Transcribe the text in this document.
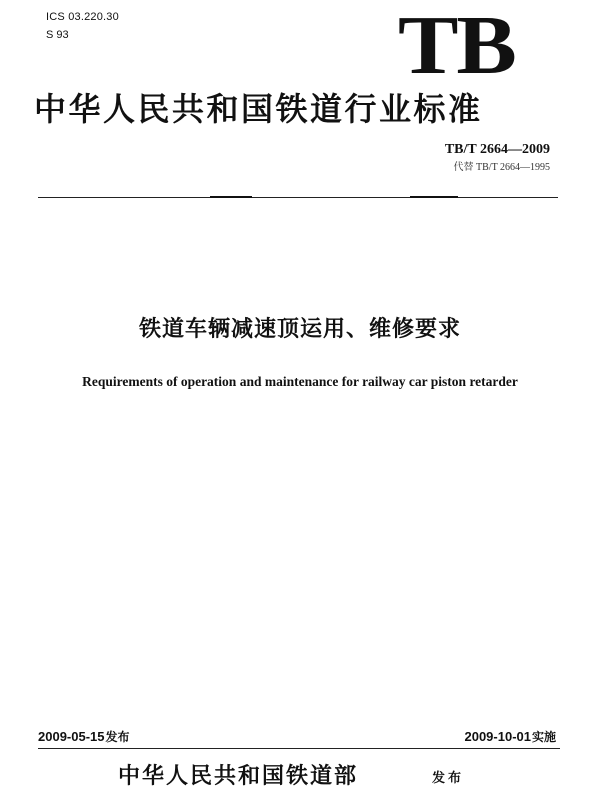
ICS 03.220.30
S 93	TB
中华人民共和国铁道行业标准
TB/T 2664—2009
代替 TB/T 2664—1995
铁道车辆减速顶运用、维修要求
Requirements of operation and maintenance for railway car piston retarder
2009-05-15发布	2009-10-01实施
中华人民共和国铁道部	发布
